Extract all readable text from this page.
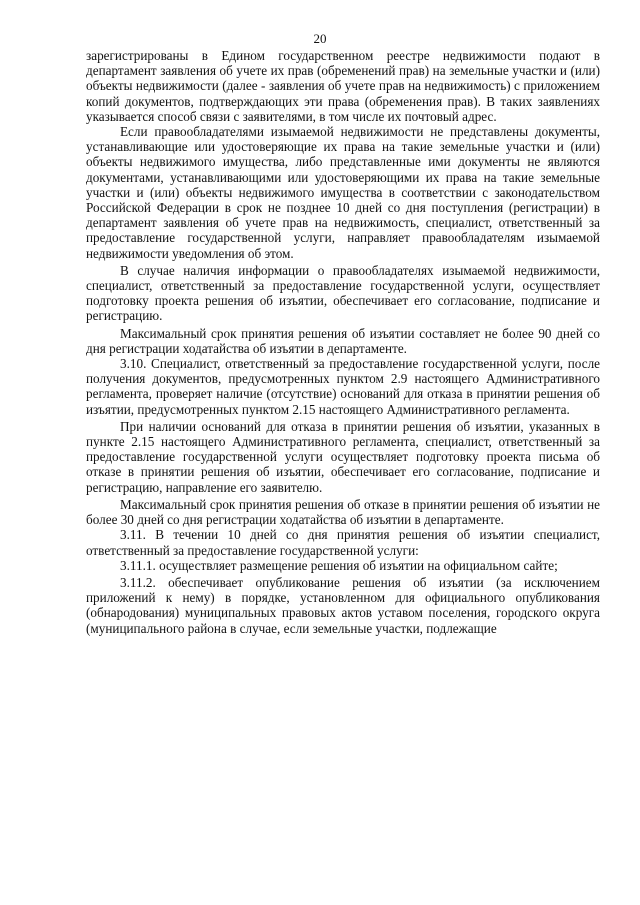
20

зарегистрированы в Едином государственном реестре недвижимости подают в департамент заявления об учете их прав (обременений прав) на земельные участки и (или) объекты недвижимости (далее - заявления об учете прав на недвижимость) с приложением копий документов, подтверждающих эти права (обременения прав). В таких заявлениях указывается способ связи с заявителями, в том числе их почтовый адрес.

Если правообладателями изымаемой недвижимости не представлены документы, устанавливающие или удостоверяющие их права на такие земельные участки и (или) объекты недвижимого имущества, либо представленные ими документы не являются документами, устанавливающими или удостоверяющими их права на такие земельные участки и (или) объекты недвижимого имущества в соответствии с законодательством Российской Федерации в срок не позднее 10 дней со дня поступления (регистрации) в департамент заявления об учете прав на недвижимость, специалист, ответственный за предоставление государственной услуги, направляет правообладателям изымаемой недвижимости уведомления об этом.

В случае наличия информации о правообладателях изымаемой недвижимости, специалист, ответственный за предоставление государственной услуги, осуществляет подготовку проекта решения об изъятии, обеспечивает его согласование, подписание и регистрацию.

Максимальный срок принятия решения об изъятии составляет не более 90 дней со дня регистрации ходатайства об изъятии в департаменте.

3.10. Специалист, ответственный за предоставление государственной услуги, после получения документов, предусмотренных пунктом 2.9 настоящего Административного регламента, проверяет наличие (отсутствие) оснований для отказа в принятии решения об изъятии, предусмотренных пунктом 2.15 настоящего Административного регламента.

При наличии оснований для отказа в принятии решения об изъятии, указанных в пункте 2.15 настоящего Административного регламента, специалист, ответственный за предоставление государственной услуги осуществляет подготовку проекта письма об отказе в принятии решения об изъятии, обеспечивает его согласование, подписание и регистрацию, направление его заявителю.

Максимальный срок принятия решения об отказе в принятии решения об изъятии не более 30 дней со дня регистрации ходатайства об изъятии в департаменте.

3.11. В течении 10 дней со дня принятия решения об изъятии специалист, ответственный за предоставление государственной услуги:

3.11.1. осуществляет размещение решения об изъятии на официальном сайте;

3.11.2. обеспечивает опубликование решения об изъятии (за исключением приложений к нему) в порядке, установленном для официального опубликования (обнародования) муниципальных правовых актов уставом поселения, городского округа (муниципального района в случае, если земельные участки, подлежащие
